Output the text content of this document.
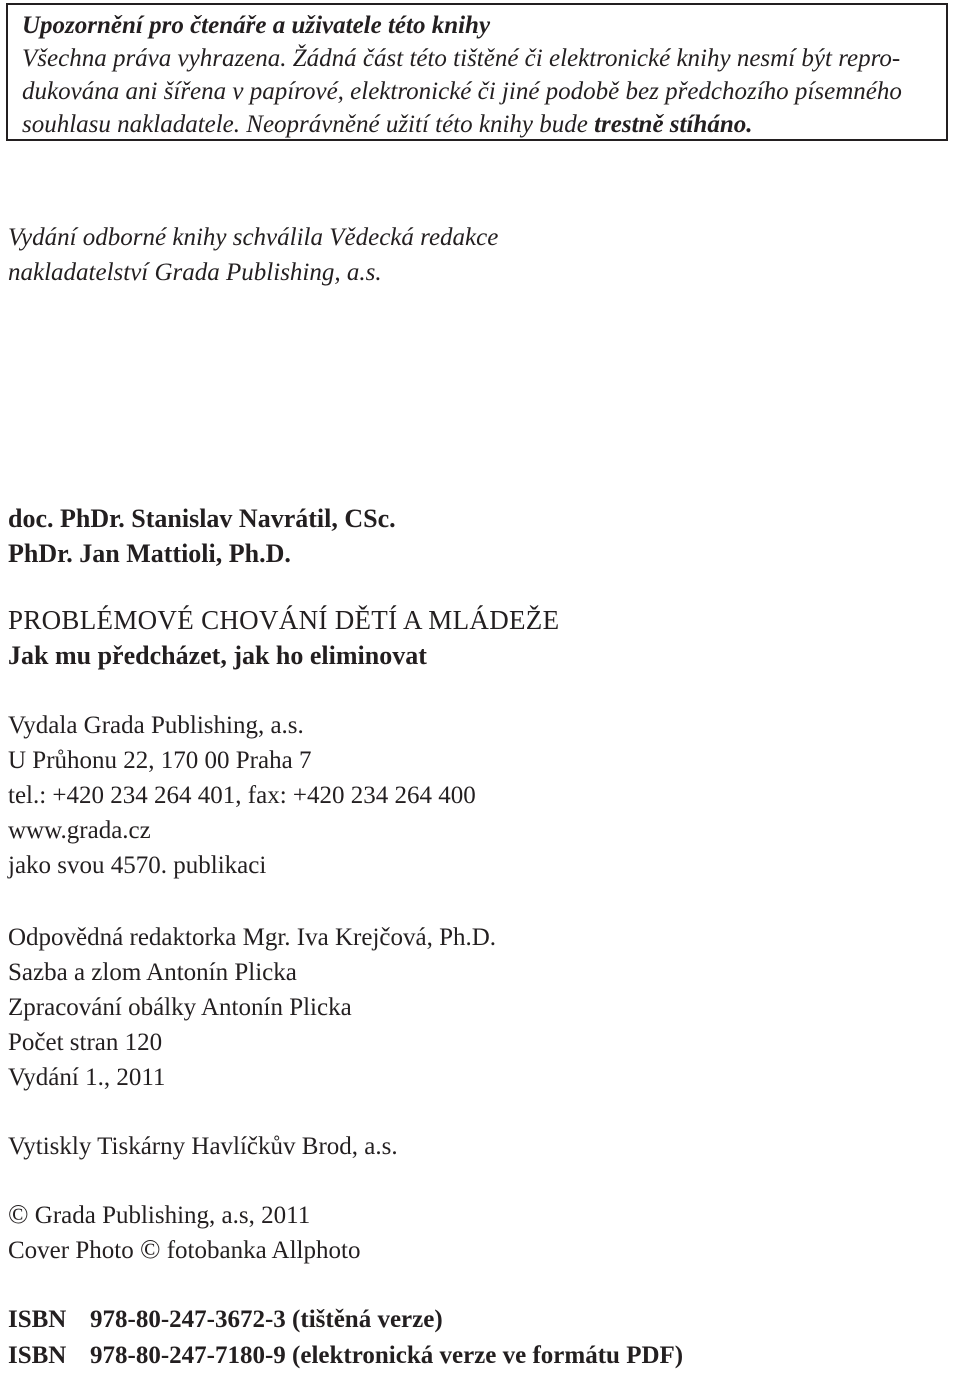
Upozornění pro čtenáře a uživatele této knihy

Všechna práva vyhrazena. Žádná část této tištěné či elektronické knihy nesmí být repro-dukována ani šířena v papírové, elektronické či jiné podobě bez předchozího písemného souhlasu nakladatele. Neoprávněné užití této knihy bude trestně stíháno.

Vydání odborné knihy schválila Vědecká redakce
nakladatelství Grada Publishing, a.s.
doc. PhDr. Stanislav Navrátil, CSc.
PhDr. Jan Mattioli, Ph.D.
PROBLÉMOVÉ CHOVÁNÍ DĚTÍ A MLÁDEŽE
Jak mu předcházet, jak ho eliminovat
Vydala Grada Publishing, a.s.
U Průhonu 22, 170 00 Praha 7
tel.: +420 234 264 401, fax: +420 234 264 400
www.grada.cz
jako svou 4570. publikaci
Odpovědná redaktorka Mgr. Iva Krejčová, Ph.D.
Sazba a zlom Antonín Plicka
Zpracování obálky Antonín Plicka
Počet stran 120
Vydání 1., 2011
Vytiskly Tiskárny Havlíčkův Brod, a.s.
© Grada Publishing, a.s, 2011
Cover Photo © fotobanka Allphoto
ISBN 978-80-247-3672-3 (tištěná verze)
ISBN 978-80-247-7180-9 (elektronická verze ve formátu PDF)
